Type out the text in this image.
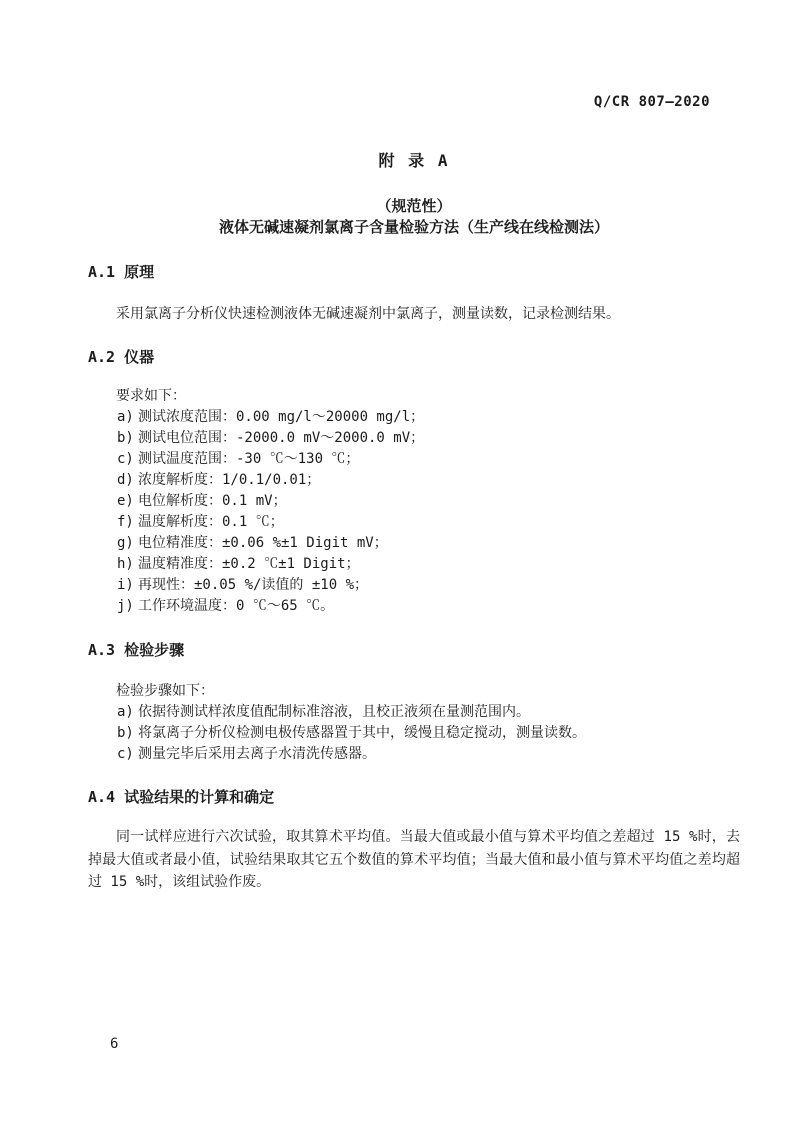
Q/CR 807—2020
附 录 A
（规范性）
液体无碱速凝剂氯离子含量检验方法（生产线在线检测法）
A.1 原理
采用氯离子分析仪快速检测液体无碱速凝剂中氯离子，测量读数，记录检测结果。
A.2 仪器
要求如下：
a) 测试浓度范围：0.00 mg/l～20000 mg/l；
b) 测试电位范围：-2000.0 mV～2000.0 mV；
c) 测试温度范围：-30 ℃～130 ℃；
d) 浓度解析度：1/0.1/0.01；
e) 电位解析度：0.1 mV；
f) 温度解析度：0.1 ℃；
g) 电位精准度：±0.06 %±1 Digit mV；
h) 温度精准度：±0.2 ℃±1 Digit；
i) 再现性：±0.05 %/读值的 ±10 %；
j) 工作环境温度：0 ℃～65 ℃。
A.3 检验步骤
检验步骤如下：
a) 依据待测试样浓度值配制标准溶液，且校正液须在量测范围内。
b) 将氯离子分析仪检测电极传感器置于其中，缓慢且稳定搅动，测量读数。
c) 测量完毕后采用去离子水清洗传感器。
A.4 试验结果的计算和确定
同一试样应进行六次试验，取其算术平均值。当最大值或最小值与算术平均值之差超过 15 %时，去掉最大值或者最小值，试验结果取其它五个数值的算术平均值；当最大值和最小值与算术平均值之差均超过 15 %时，该组试验作废。
6
